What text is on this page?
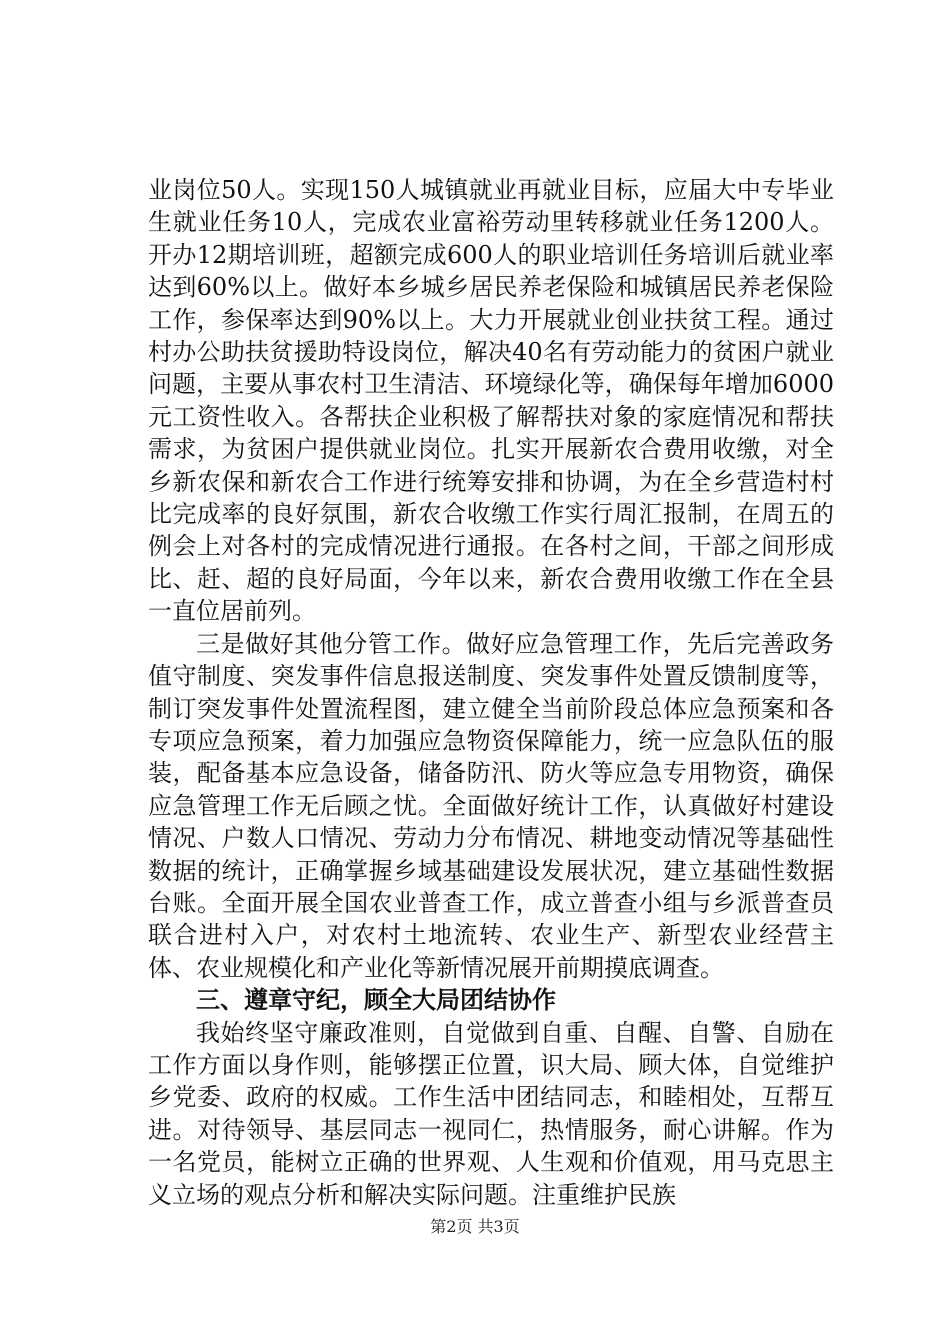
业岗位50人。实现150人城镇就业再就业目标，应届大中专毕业生就业任务10人，完成农业富裕劳动里转移就业任务1200人。开办12期培训班，超额完成600人的职业培训任务培训后就业率达到60%以上。做好本乡城乡居民养老保险和城镇居民养老保险工作，参保率达到90%以上。大力开展就业创业扶贫工程。通过村办公助扶贫援助特设岗位，解决40名有劳动能力的贫困户就业问题，主要从事农村卫生清洁、环境绿化等，确保每年增加6000元工资性收入。各帮扶企业积极了解帮扶对象的家庭情况和帮扶需求，为贫困户提供就业岗位。扎实开展新农合费用收缴，对全乡新农保和新农合工作进行统筹安排和协调，为在全乡营造村村比完成率的良好氛围，新农合收缴工作实行周汇报制，在周五的例会上对各村的完成情况进行通报。在各村之间，干部之间形成比、赶、超的良好局面，今年以来，新农合费用收缴工作在全县一直位居前列。

三是做好其他分管工作。做好应急管理工作，先后完善政务值守制度、突发事件信息报送制度、突发事件处置反馈制度等，制订突发事件处置流程图，建立健全当前阶段总体应急预案和各专项应急预案，着力加强应急物资保障能力，统一应急队伍的服装，配备基本应急设备，储备防汛、防火等应急专用物资，确保应急管理工作无后顾之忧。全面做好统计工作，认真做好村建设情况、户数人口情况、劳动力分布情况、耕地变动情况等基础性数据的统计，正确掌握乡域基础建设发展状况，建立基础性数据台账。全面开展全国农业普查工作，成立普查小组与乡派普查员联合进村入户，对农村土地流转、农业生产、新型农业经营主体、农业规模化和产业化等新情况展开前期摸底调查。

三、遵章守纪，顾全大局团结协作

我始终坚守廉政准则，自觉做到自重、自醒、自警、自励在工作方面以身作则，能够摆正位置，识大局、顾大体，自觉维护乡党委、政府的权威。工作生活中团结同志，和睦相处，互帮互进。对待领导、基层同志一视同仁，热情服务，耐心讲解。作为一名党员，能树立正确的世界观、人生观和价值观，用马克思主义立场的观点分析和解决实际问题。注重维护民族

第2页 共3页
